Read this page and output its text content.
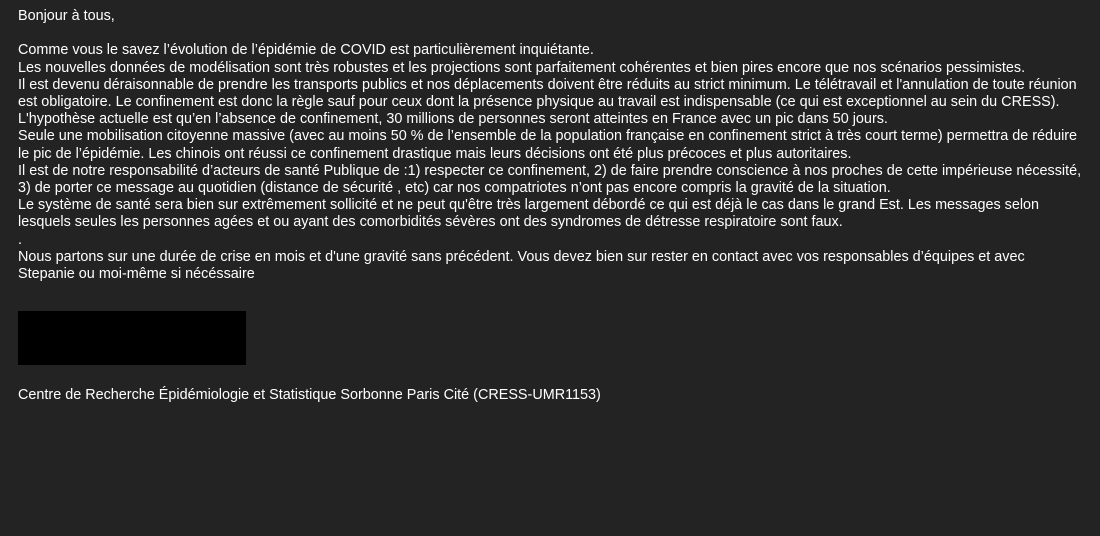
Bonjour à tous,

Comme vous le savez l’évolution de l’épidémie de COVID est particulièrement inquiétante.

Les nouvelles données de modélisation sont très robustes et les projections sont parfaitement cohérentes et bien pires encore que nos scénarios pessimistes.

Il est devenu déraisonnable de prendre les transports publics et nos déplacements doivent être réduits au strict minimum. Le télétravail et l'annulation de toute réunion est obligatoire. Le confinement est donc la règle sauf pour ceux dont la présence physique au travail est indispensable (ce qui est exceptionnel au sein du CRESS).

L'hypothèse actuelle est qu’en l’absence de confinement, 30 millions de personnes seront atteintes en France avec un pic dans 50 jours.

Seule une mobilisation citoyenne massive (avec au moins 50 % de l’ensemble de la population française en confinement strict à très court terme) permettra de réduire le pic de l’épidémie. Les chinois ont réussi ce confinement drastique mais leurs décisions ont été plus précoces et plus autoritaires.

Il est de notre responsabilité d’acteurs de santé Publique de :1) respecter ce confinement, 2) de faire prendre conscience à nos proches de cette impérieuse nécessité, 3) de porter ce message au quotidien (distance de sécurité , etc) car nos compatriotes n’ont pas encore compris la gravité de la situation.

Le système de santé sera bien sur extrêmement sollicité et ne peut qu'être très largement débordé ce qui est déjà le cas dans le grand Est. Les messages selon lesquels seules les personnes agées et ou ayant des comorbidités sévères ont des syndromes de détresse respiratoire sont faux.

.

Nous partons sur une durée de crise en mois et d'une gravité sans précédent. Vous devez bien sur rester en contact avec vos responsables d’équipes et avec Stepanie ou moi-même si nécéssaire

Centre de Recherche Épidémiologie et Statistique Sorbonne Paris Cité (CRESS-UMR1153)
